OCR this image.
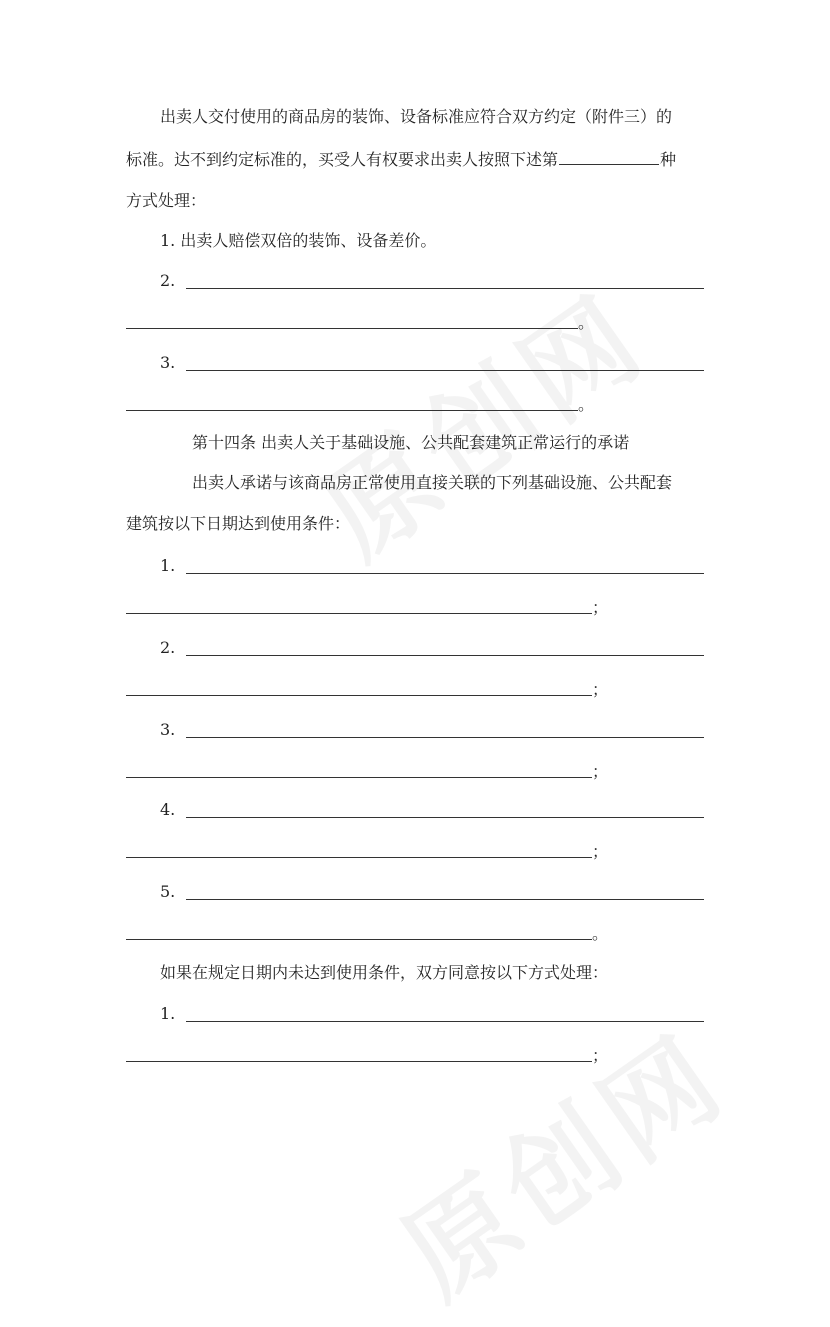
出卖人交付使用的商品房的装饰、设备标准应符合双方约定（附件三）的
标准。达不到约定标准的，买受人有权要求出卖人按照下述第	种
方式处理：
1. 出卖人赔偿双倍的装饰、设备差价。
2.
。
3.
。
第十四条 出卖人关于基础设施、公共配套建筑正常运行的承诺
出卖人承诺与该商品房正常使用直接关联的下列基础设施、公共配套
建筑按以下日期达到使用条件：
1.
；
2.
；
3.
；
4.
；
5.
。
如果在规定日期内未达到使用条件，双方同意按以下方式处理：
1.
；
